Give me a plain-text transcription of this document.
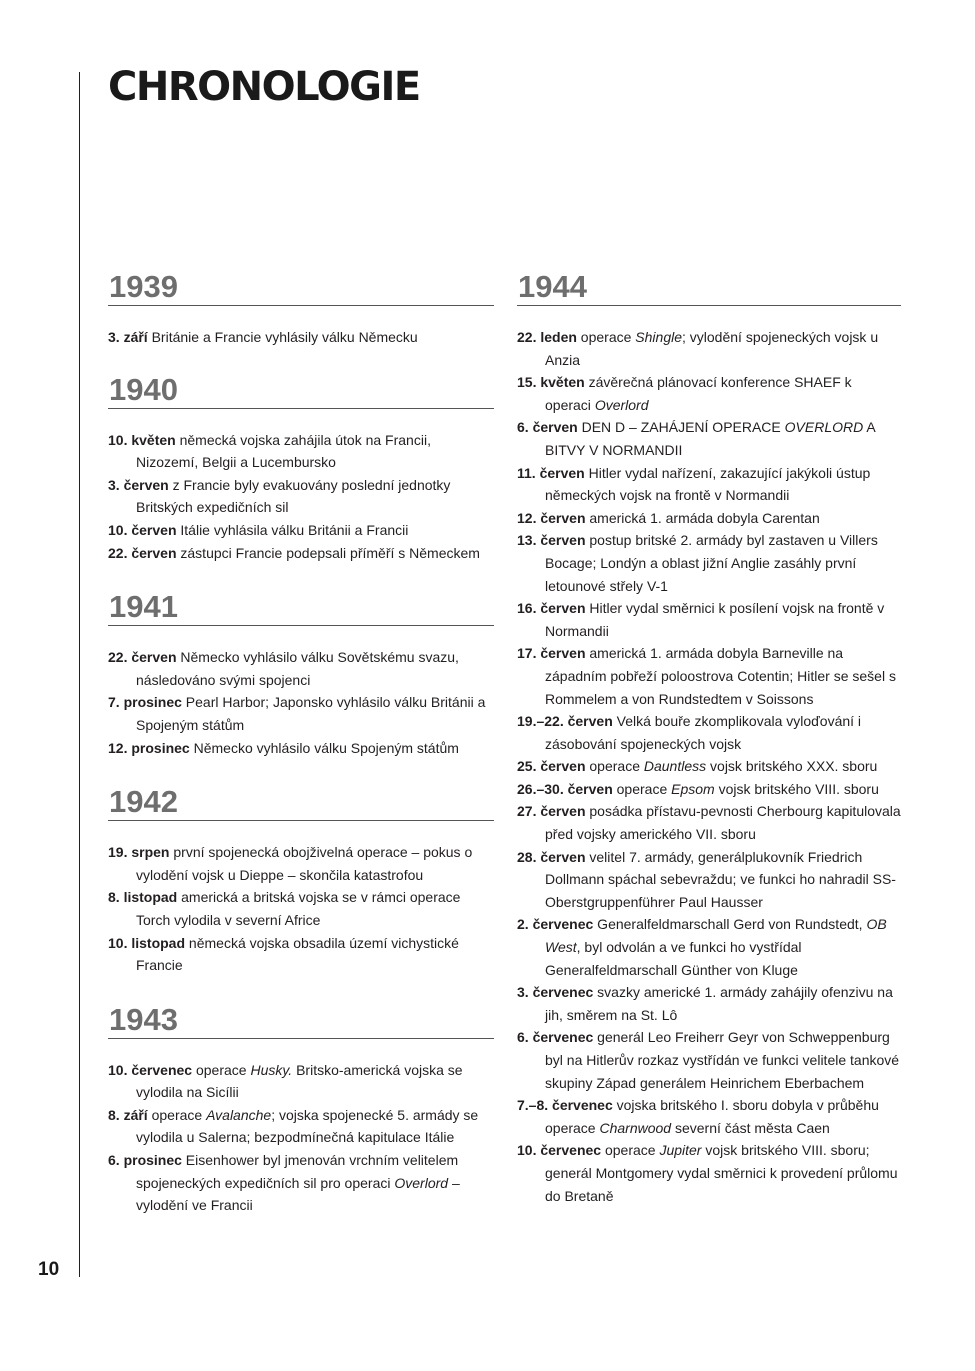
CHRONOLOGIE
1939

3. září Británie a Francie vyhlásily válku Německu

1940

10. květen německá vojska zahájila útok na Francii, Nizozemí, Belgii a Lucembursko

3. červen z Francie byly evakuovány poslední jednotky Britských expedičních sil

10. červen Itálie vyhlásila válku Británii a Francii

22. červen zástupci Francie podepsali příměří s Německem

1941

22. červen Německo vyhlásilo válku Sovětskému svazu, následováno svými spojenci

7. prosinec Pearl Harbor; Japonsko vyhlásilo válku Británii a Spojeným státům

12. prosinec Německo vyhlásilo válku Spojeným státům

1942

19. srpen první spojenecká obojživelná operace – pokus o vylodění vojsk u Dieppe – skončila katastrofou

8. listopad americká a britská vojska se v rámci operace Torch vylodila v severní Africe

10. listopad německá vojska obsadila území vichystické Francie

1943

10. červenec operace Husky. Britsko-americká vojska se vylodila na Sicílii

8. září operace Avalanche; vojska spojenecké 5. armády se vylodila u Salerna; bezpodmínečná kapitulace Itálie

6. prosinec Eisenhower byl jmenován vrchním velitelem spojeneckých expedičních sil pro operaci Overlord – vylodění ve Francii

1944

22. leden operace Shingle; vylodění spojeneckých vojsk u Anzia

15. květen závěrečná plánovací konference SHAEF k operaci Overlord

6. červen DEN D – ZAHÁJENÍ OPERACE OVERLORD A BITVY V NORMANDII

11. červen Hitler vydal nařízení, zakazující jakýkoli ústup německých vojsk na frontě v Normandii

12. červen americká 1. armáda dobyla Carentan

13. červen postup britské 2. armády byl zastaven u Villers Bocage; Londýn a oblast jižní Anglie zasáhly první letounové střely V-1

16. červen Hitler vydal směrnici k posílení vojsk na frontě v Normandii

17. červen americká 1. armáda dobyla Barneville na západním pobřeží poloostrova Cotentin; Hitler se sešel s Rommelem a von Rundstedtem v Soissons

19.–22. červen Velká bouře zkomplikovala vyloďování i zásobování spojeneckých vojsk

25. červen operace Dauntless vojsk britského XXX. sboru

26.–30. červen operace Epsom vojsk britského VIII. sboru

27. červen posádka přístavu-pevnosti Cherbourg kapitulovala před vojsky amerického VII. sboru

28. červen velitel 7. armády, generálplukovník Friedrich Dollmann spáchal sebevraždu; ve funkci ho nahradil SS-Oberstgruppenführer Paul Hausser

2. červenec Generalfeldmarschall Gerd von Rundstedt, OB West, byl odvolán a ve funkci ho vystřídal Generalfeldmarschall Günther von Kluge

3. červenec svazky americké 1. armády zahájily ofenzivu na jih, směrem na St. Lô

6. červenec generál Leo Freiherr Geyr von Schweppenburg byl na Hitlerův rozkaz vystřídán ve funkci velitele tankové skupiny Západ generálem Heinrichem Eberbachem

7.–8. červenec vojska britského I. sboru dobyla v průběhu operace Charnwood severní část města Caen

10. červenec operace Jupiter vojsk britského VIII. sboru; generál Montgomery vydal směrnici k provedení průlomu do Bretaně

10
